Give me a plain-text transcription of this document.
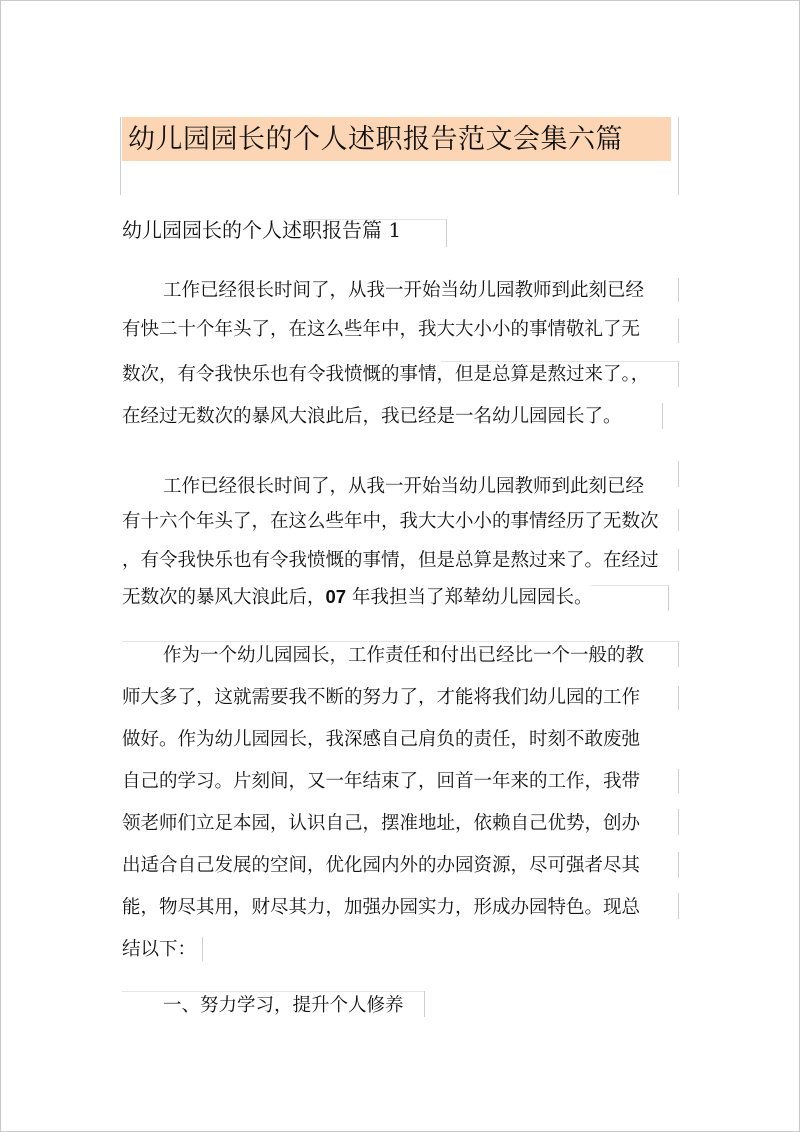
幼儿园园长的个人述职报告范文会集六篇
幼儿园园长的个人述职报告篇 1
工作已经很长时间了，从我一开始当幼儿园教师到此刻已经
有快二十个年头了，在这么些年中，我大大小小的事情敬礼了无
数次，有令我快乐也有令我愤慨的事情，但是总算是熬过来了。，
在经过无数次的暴风大浪此后，我已经是一名幼儿园园长了。
工作已经很长时间了，从我一开始当幼儿园教师到此刻已经
有十六个年头了，在这么些年中，我大大小小的事情经历了无数次
，有令我快乐也有令我愤慨的事情，但是总算是熬过来了。在经过
无数次的暴风大浪此后，07 年我担当了郑辇幼儿园园长。
作为一个幼儿园园长，工作责任和付出已经比一个一般的教
师大多了，这就需要我不断的努力了，才能将我们幼儿园的工作
做好。作为幼儿园园长，我深感自己肩负的责任，时刻不敢废弛
自己的学习。片刻间，又一年结束了，回首一年来的工作，我带
领老师们立足本园，认识自己，摆准地址，依赖自己优势，创办
出适合自己发展的空间，优化园内外的办园资源，尽可强者尽其
能，物尽其用，财尽其力，加强办园实力，形成办园特色。现总
结以下：
一、努力学习，提升个人修养
